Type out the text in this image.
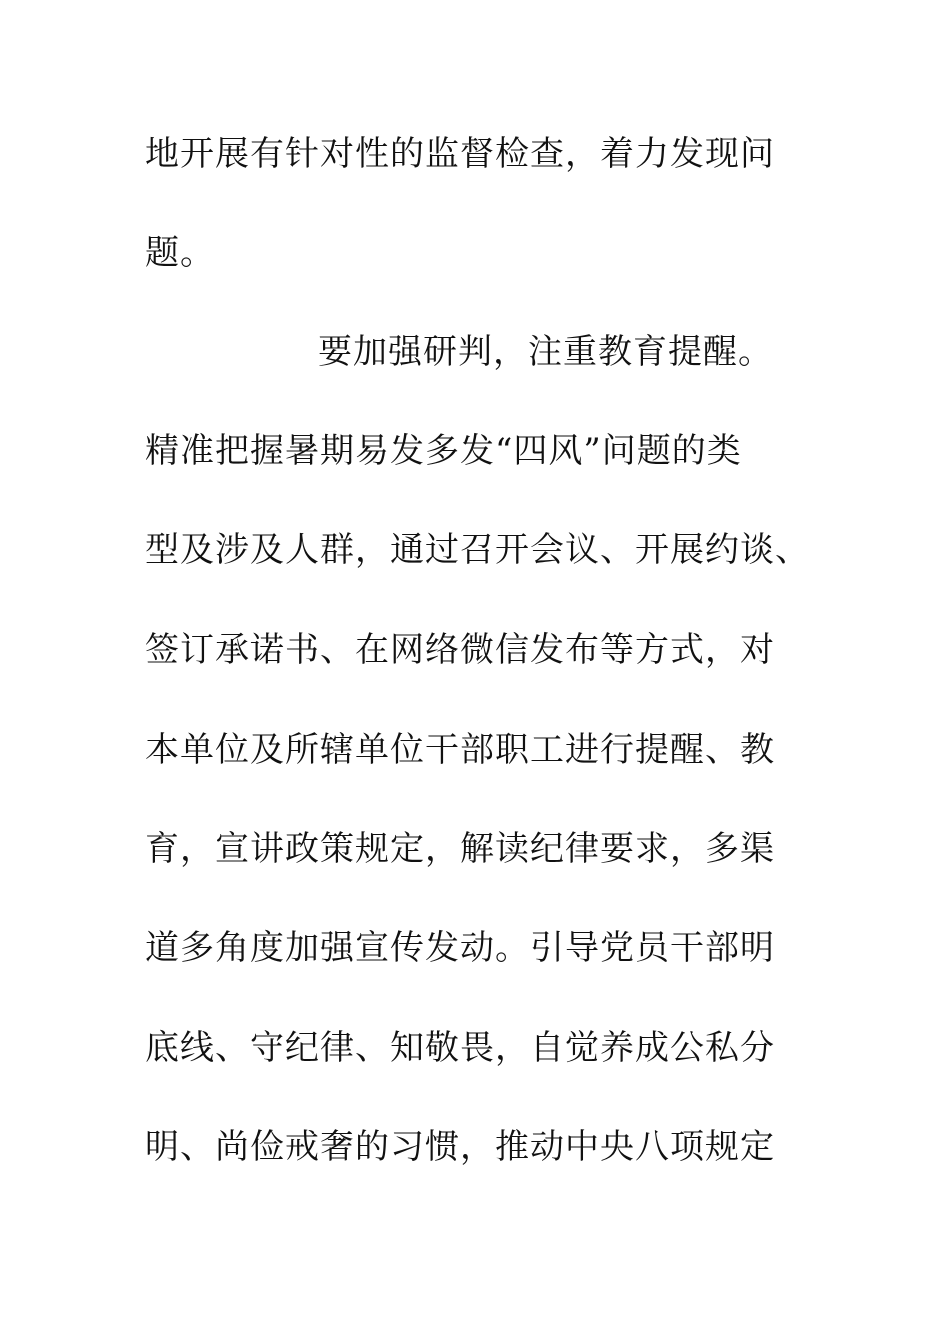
地开展有针对性的监督检查，着力发现问
题。
要加强研判，注重教育提醒。
精准把握暑期易发多发“四风”问题的类
型及涉及人群，通过召开会议、开展约谈、
签订承诺书、在网络微信发布等方式，对
本单位及所辖单位干部职工进行提醒、教
育，宣讲政策规定，解读纪律要求，多渠
道多角度加强宣传发动。引导党员干部明
底线、守纪律、知敬畏，自觉养成公私分
明、尚俭戒奢的习惯，推动中央八项规定
